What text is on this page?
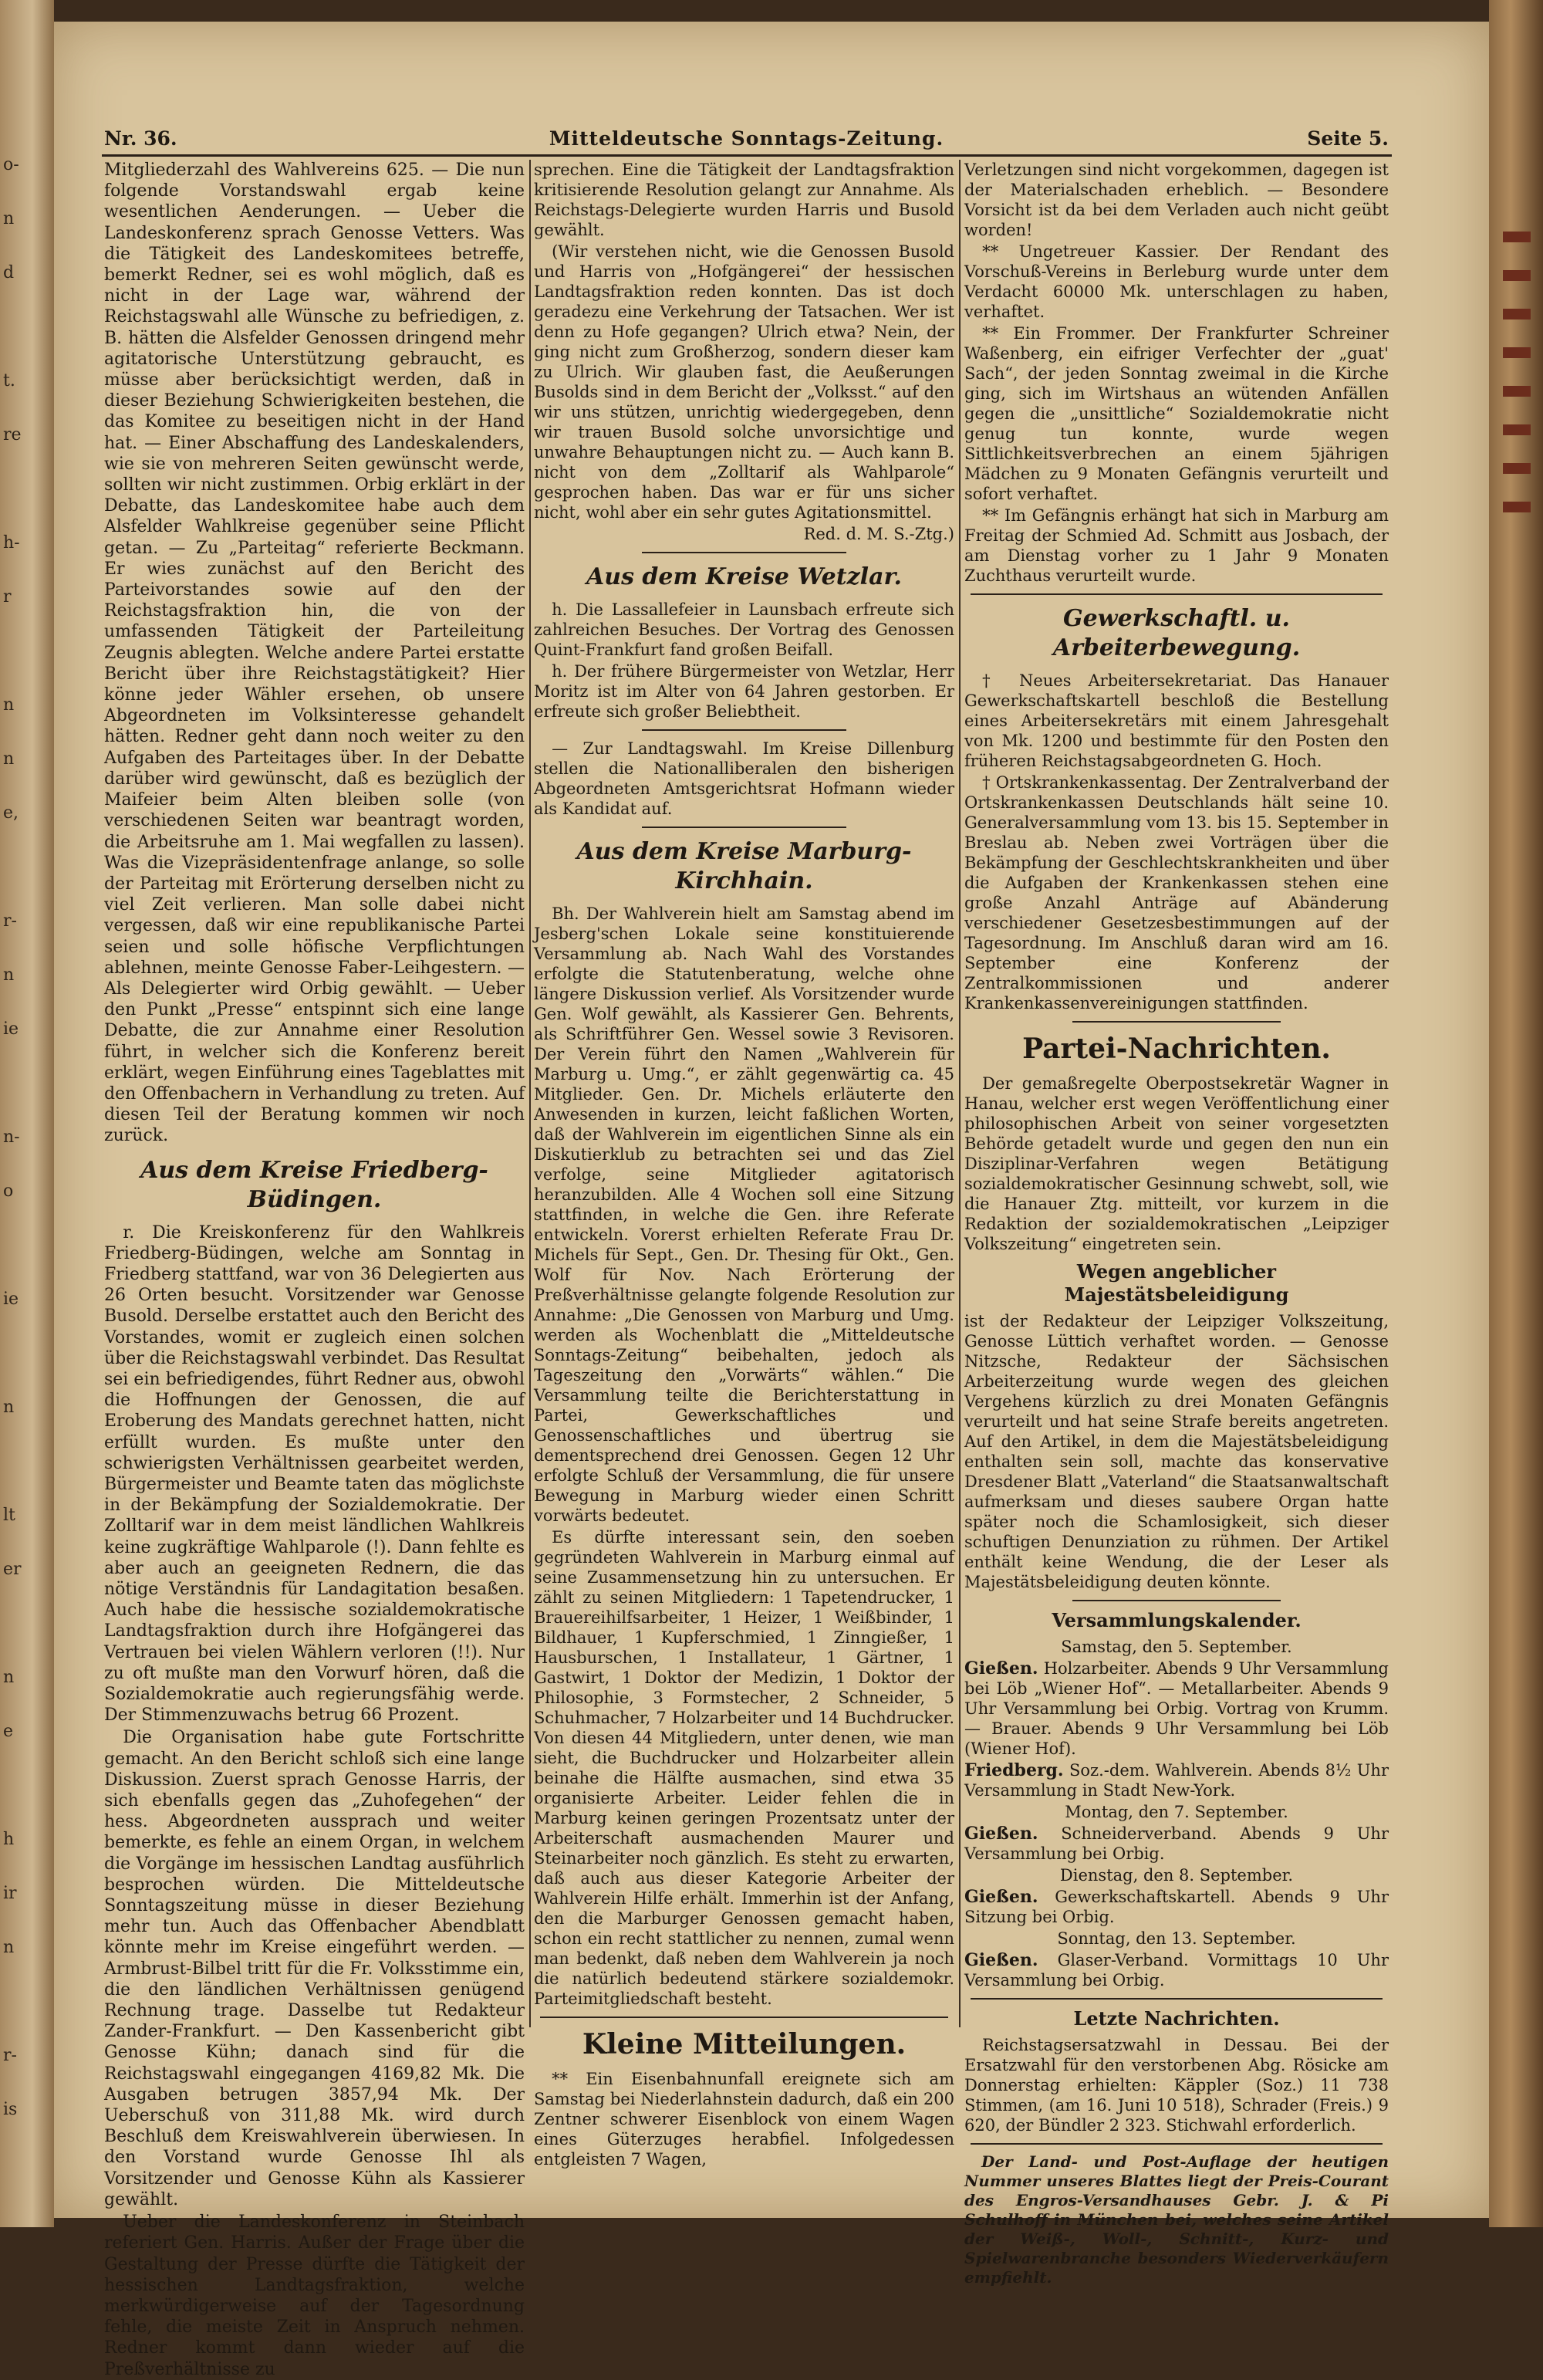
o-
n
d
t.
re
h-
r
n
n
e,
r-
n
ie
n-
o
ie
n
lt
er
n
e
h
ir
n
r-
is
Mitteldeutsche Sonntags-Zeitung.
Nr. 36.	Seite 5.

Mitgliederzahl des Wahlvereins 625. — Die nun folgende Vorstandswahl ergab keine wesentlichen Aenderungen. — Ueber die Landeskonferenz sprach Genosse Vetters. Was die Tätigkeit des Landeskomitees betreffe, bemerkt Redner, sei es wohl möglich, daß es nicht in der Lage war, während der Reichstagswahl alle Wünsche zu befriedigen, z. B. hätten die Alsfelder Genossen dringend mehr agitatorische Unterstützung gebraucht, es müsse aber berücksichtigt werden, daß in dieser Beziehung Schwierigkeiten bestehen, die das Komitee zu beseitigen nicht in der Hand hat. — Einer Abschaffung des Landeskalenders, wie sie von mehreren Seiten gewünscht werde, sollten wir nicht zustimmen. Orbig erklärt in der Debatte, das Landeskomitee habe auch dem Alsfelder Wahlkreise gegenüber seine Pflicht getan. — Zu „Parteitag“ referierte Beckmann. Er wies zunächst auf den Bericht des Parteivorstandes sowie auf den der Reichstagsfraktion hin, die von der umfassenden Tätigkeit der Parteileitung Zeugnis ablegten. Welche andere Partei erstatte Bericht über ihre Reichstagstätigkeit? Hier könne jeder Wähler ersehen, ob unsere Abgeordneten im Volksinteresse gehandelt hätten. Redner geht dann noch weiter zu den Aufgaben des Parteitages über. In der Debatte darüber wird gewünscht, daß es bezüglich der Maifeier beim Alten bleiben solle (von verschiedenen Seiten war beantragt worden, die Arbeitsruhe am 1. Mai wegfallen zu lassen). Was die Vizepräsidentenfrage anlange, so solle der Parteitag mit Erörterung derselben nicht zu viel Zeit verlieren. Man solle dabei nicht vergessen, daß wir eine republikanische Partei seien und solle höfische Verpflichtungen ablehnen, meinte Genosse Faber-Leihgestern. — Als Delegierter wird Orbig gewählt. — Ueber den Punkt „Presse“ entspinnt sich eine lange Debatte, die zur Annahme einer Resolution führt, in welcher sich die Konferenz bereit erklärt, wegen Einführung eines Tageblattes mit den Offenbachern in Verhandlung zu treten. Auf diesen Teil der Beratung kommen wir noch zurück.

Aus dem Kreise Friedberg-Büdingen.

r. Die Kreiskonferenz für den Wahlkreis Friedberg-Büdingen, welche am Sonntag in Friedberg stattfand, war von 36 Delegierten aus 26 Orten besucht. Vorsitzender war Genosse Busold. Derselbe erstattet auch den Bericht des Vorstandes, womit er zugleich einen solchen über die Reichstagswahl verbindet. Das Resultat sei ein befriedigendes, führt Redner aus, obwohl die Hoffnungen der Genossen, die auf Eroberung des Mandats gerechnet hatten, nicht erfüllt wurden. Es mußte unter den schwierigsten Verhältnissen gearbeitet werden, Bürgermeister und Beamte taten das möglichste in der Bekämpfung der Sozialdemokratie. Der Zolltarif war in dem meist ländlichen Wahlkreis keine zugkräftige Wahlparole (!). Dann fehlte es aber auch an geeigneten Rednern, die das nötige Verständnis für Landagitation besaßen. Auch habe die hessische sozialdemokratische Landtagsfraktion durch ihre Hofgängerei das Vertrauen bei vielen Wählern verloren (!!). Nur zu oft mußte man den Vorwurf hören, daß die Sozialdemokratie auch regierungsfähig werde. Der Stimmenzuwachs betrug 66 Prozent.

Die Organisation habe gute Fortschritte gemacht. An den Bericht schloß sich eine lange Diskussion. Zuerst sprach Genosse Harris, der sich ebenfalls gegen das „Zuhofegehen“ der hess. Abgeordneten aussprach und weiter bemerkte, es fehle an einem Organ, in welchem die Vorgänge im hessischen Landtag ausführlich besprochen würden. Die Mitteldeutsche Sonntagszeitung müsse in dieser Beziehung mehr tun. Auch das Offenbacher Abendblatt könnte mehr im Kreise eingeführt werden. — Armbrust-Bilbel tritt für die Fr. Volksstimme ein, die den ländlichen Verhältnissen genügend Rechnung trage. Dasselbe tut Redakteur Zander-Frankfurt. — Den Kassenbericht gibt Genosse Kühn; danach sind für die Reichstagswahl eingegangen 4169,82 Mk. Die Ausgaben betrugen 3857,94 Mk. Der Ueberschuß von 311,88 Mk. wird durch Beschluß dem Kreiswahlverein überwiesen. In den Vorstand wurde Genosse Ihl als Vorsitzender und Genosse Kühn als Kassierer gewählt.

Ueber die Landeskonferenz in Steinbach referiert Gen. Harris. Außer der Frage über die Gestaltung der Presse dürfte die Tätigkeit der hessischen Landtagsfraktion, welche merkwürdigerweise auf der Tagesordnung fehle, die meiste Zeit in Anspruch nehmen. Redner kommt dann wieder auf die Preßverhältnisse zu

sprechen. Eine die Tätigkeit der Landtagsfraktion kritisierende Resolution gelangt zur Annahme. Als Reichstags-Delegierte wurden Harris und Busold gewählt.

(Wir verstehen nicht, wie die Genossen Busold und Harris von „Hofgängerei“ der hessischen Landtagsfraktion reden konnten. Das ist doch geradezu eine Verkehrung der Tatsachen. Wer ist denn zu Hofe gegangen? Ulrich etwa? Nein, der ging nicht zum Großherzog, sondern dieser kam zu Ulrich. Wir glauben fast, die Aeußerungen Busolds sind in dem Bericht der „Volksst.“ auf den wir uns stützen, unrichtig wiedergegeben, denn wir trauen Busold solche unvorsichtige und unwahre Behauptungen nicht zu. — Auch kann B. nicht von dem „Zolltarif als Wahlparole“ gesprochen haben. Das war er für uns sicher nicht, wohl aber ein sehr gutes Agitationsmittel.

Red. d. M. S.-Ztg.)

Aus dem Kreise Wetzlar.

h. Die Lassallefeier in Launsbach erfreute sich zahlreichen Besuches. Der Vortrag des Genossen Quint-Frankfurt fand großen Beifall.

h. Der frühere Bürgermeister von Wetzlar, Herr Moritz ist im Alter von 64 Jahren gestorben. Er erfreute sich großer Beliebtheit.

— Zur Landtagswahl. Im Kreise Dillenburg stellen die Nationalliberalen den bisherigen Abgeordneten Amtsgerichtsrat Hofmann wieder als Kandidat auf.

Aus dem Kreise Marburg-Kirchhain.

Bh. Der Wahlverein hielt am Samstag abend im Jesberg'schen Lokale seine konstituierende Versammlung ab. Nach Wahl des Vorstandes erfolgte die Statutenberatung, welche ohne längere Diskussion verlief. Als Vorsitzender wurde Gen. Wolf gewählt, als Kassierer Gen. Behrents, als Schriftführer Gen. Wessel sowie 3 Revisoren. Der Verein führt den Namen „Wahlverein für Marburg u. Umg.“, er zählt gegenwärtig ca. 45 Mitglieder. Gen. Dr. Michels erläuterte den Anwesenden in kurzen, leicht faßlichen Worten, daß der Wahlverein im eigentlichen Sinne als ein Diskutierklub zu betrachten sei und das Ziel verfolge, seine Mitglieder agitatorisch heranzubilden. Alle 4 Wochen soll eine Sitzung stattfinden, in welche die Gen. ihre Referate entwickeln. Vorerst erhielten Referate Frau Dr. Michels für Sept., Gen. Dr. Thesing für Okt., Gen. Wolf für Nov. Nach Erörterung der Preßverhältnisse gelangte folgende Resolution zur Annahme: „Die Genossen von Marburg und Umg. werden als Wochenblatt die „Mitteldeutsche Sonntags-Zeitung“ beibehalten, jedoch als Tageszeitung den „Vorwärts“ wählen.“ Die Versammlung teilte die Berichterstattung in Partei, Gewerkschaftliches und Genossenschaftliches und übertrug sie dementsprechend drei Genossen. Gegen 12 Uhr erfolgte Schluß der Versammlung, die für unsere Bewegung in Marburg wieder einen Schritt vorwärts bedeutet.

Es dürfte interessant sein, den soeben gegründeten Wahlverein in Marburg einmal auf seine Zusammensetzung hin zu untersuchen. Er zählt zu seinen Mitgliedern: 1 Tapetendrucker, 1 Brauereihilfsarbeiter, 1 Heizer, 1 Weißbinder, 1 Bildhauer, 1 Kupferschmied, 1 Zinngießer, 1 Hausburschen, 1 Installateur, 1 Gärtner, 1 Gastwirt, 1 Doktor der Medizin, 1 Doktor der Philosophie, 3 Formstecher, 2 Schneider, 5 Schuhmacher, 7 Holzarbeiter und 14 Buchdrucker. Von diesen 44 Mitgliedern, unter denen, wie man sieht, die Buchdrucker und Holzarbeiter allein beinahe die Hälfte ausmachen, sind etwa 35 organisierte Arbeiter. Leider fehlen die in Marburg keinen geringen Prozentsatz unter der Arbeiterschaft ausmachenden Maurer und Steinarbeiter noch gänzlich. Es steht zu erwarten, daß auch aus dieser Kategorie Arbeiter der Wahlverein Hilfe erhält. Immerhin ist der Anfang, den die Marburger Genossen gemacht haben, schon ein recht stattlicher zu nennen, zumal wenn man bedenkt, daß neben dem Wahlverein ja noch die natürlich bedeutend stärkere sozialdemokr. Parteimitgliedschaft besteht.

Kleine Mitteilungen.

** Ein Eisenbahnunfall ereignete sich am Samstag bei Niederlahnstein dadurch, daß ein 200 Zentner schwerer Eisenblock von einem Wagen eines Güterzuges herabfiel. Infolgedessen entgleisten 7 Wagen,

Verletzungen sind nicht vorgekommen, dagegen ist der Materialschaden erheblich. — Besondere Vorsicht ist da bei dem Verladen auch nicht geübt worden!

** Ungetreuer Kassier. Der Rendant des Vorschuß-Vereins in Berleburg wurde unter dem Verdacht 60000 Mk. unterschlagen zu haben, verhaftet.

** Ein Frommer. Der Frankfurter Schreiner Waßenberg, ein eifriger Verfechter der „guat' Sach“, der jeden Sonntag zweimal in die Kirche ging, sich im Wirtshaus an wütenden Anfällen gegen die „unsittliche“ Sozialdemokratie nicht genug tun konnte, wurde wegen Sittlichkeitsverbrechen an einem 5jährigen Mädchen zu 9 Monaten Gefängnis verurteilt und sofort verhaftet.

** Im Gefängnis erhängt hat sich in Marburg am Freitag der Schmied Ad. Schmitt aus Josbach, der am Dienstag vorher zu 1 Jahr 9 Monaten Zuchthaus verurteilt wurde.

Gewerkschaftl. u. Arbeiterbewegung.

† Neues Arbeitersekretariat. Das Hanauer Gewerkschaftskartell beschloß die Bestellung eines Arbeitersekretärs mit einem Jahresgehalt von Mk. 1200 und bestimmte für den Posten den früheren Reichstagsabgeordneten G. Hoch.

† Ortskrankenkassentag. Der Zentralverband der Ortskrankenkassen Deutschlands hält seine 10. Generalversammlung vom 13. bis 15. September in Breslau ab. Neben zwei Vorträgen über die Bekämpfung der Geschlechtskrankheiten und über die Aufgaben der Krankenkassen stehen eine große Anzahl Anträge auf Abänderung verschiedener Gesetzesbestimmungen auf der Tagesordnung. Im Anschluß daran wird am 16. September eine Konferenz der Zentralkommissionen und anderer Krankenkassenvereinigungen stattfinden.

Partei-Nachrichten.

Der gemaßregelte Oberpostsekretär Wagner in Hanau, welcher erst wegen Veröffentlichung einer philosophischen Arbeit von seiner vorgesetzten Behörde getadelt wurde und gegen den nun ein Disziplinar-Verfahren wegen Betätigung sozialdemokratischer Gesinnung schwebt, soll, wie die Hanauer Ztg. mitteilt, vor kurzem in die Redaktion der sozialdemokratischen „Leipziger Volkszeitung“ eingetreten sein.

Wegen angeblicher Majestätsbeleidigung

ist der Redakteur der Leipziger Volkszeitung, Genosse Lüttich verhaftet worden. — Genosse Nitzsche, Redakteur der Sächsischen Arbeiterzeitung wurde wegen des gleichen Vergehens kürzlich zu drei Monaten Gefängnis verurteilt und hat seine Strafe bereits angetreten. Auf den Artikel, in dem die Majestätsbeleidigung enthalten sein soll, machte das konservative Dresdener Blatt „Vaterland“ die Staatsanwaltschaft aufmerksam und dieses saubere Organ hatte später noch die Schamlosigkeit, sich dieser schuftigen Denunziation zu rühmen. Der Artikel enthält keine Wendung, die der Leser als Majestätsbeleidigung deuten könnte.

Versammlungskalender.

Samstag, den 5. September.

Gießen. Holzarbeiter. Abends 9 Uhr Versammlung bei Löb „Wiener Hof“. — Metallarbeiter. Abends 9 Uhr Versammlung bei Orbig. Vortrag von Krumm. — Brauer. Abends 9 Uhr Versammlung bei Löb (Wiener Hof).

Friedberg. Soz.-dem. Wahlverein. Abends 8½ Uhr Versammlung in Stadt New-York.

Montag, den 7. September.

Gießen. Schneiderverband. Abends 9 Uhr Versammlung bei Orbig.

Dienstag, den 8. September.

Gießen. Gewerkschaftskartell. Abends 9 Uhr Sitzung bei Orbig.

Sonntag, den 13. September.

Gießen. Glaser-Verband. Vormittags 10 Uhr Versammlung bei Orbig.

Letzte Nachrichten.

Reichstagsersatzwahl in Dessau. Bei der Ersatzwahl für den verstorbenen Abg. Rösicke am Donnerstag erhielten: Käppler (Soz.) 11 738 Stimmen, (am 16. Juni 10 518), Schrader (Freis.) 9 620, der Bündler 2 323. Stichwahl erforderlich.

Der Land- und Post-Auflage der heutigen Nummer unseres Blattes liegt der Preis-Courant des Engros-Versandhauses Gebr. J. & Pi Schulhoff in München bei, welches seine Artikel der Weiß-, Woll-, Schnitt-, Kurz- und Spielwarenbranche besonders Wiederverkäufern empfiehlt.
